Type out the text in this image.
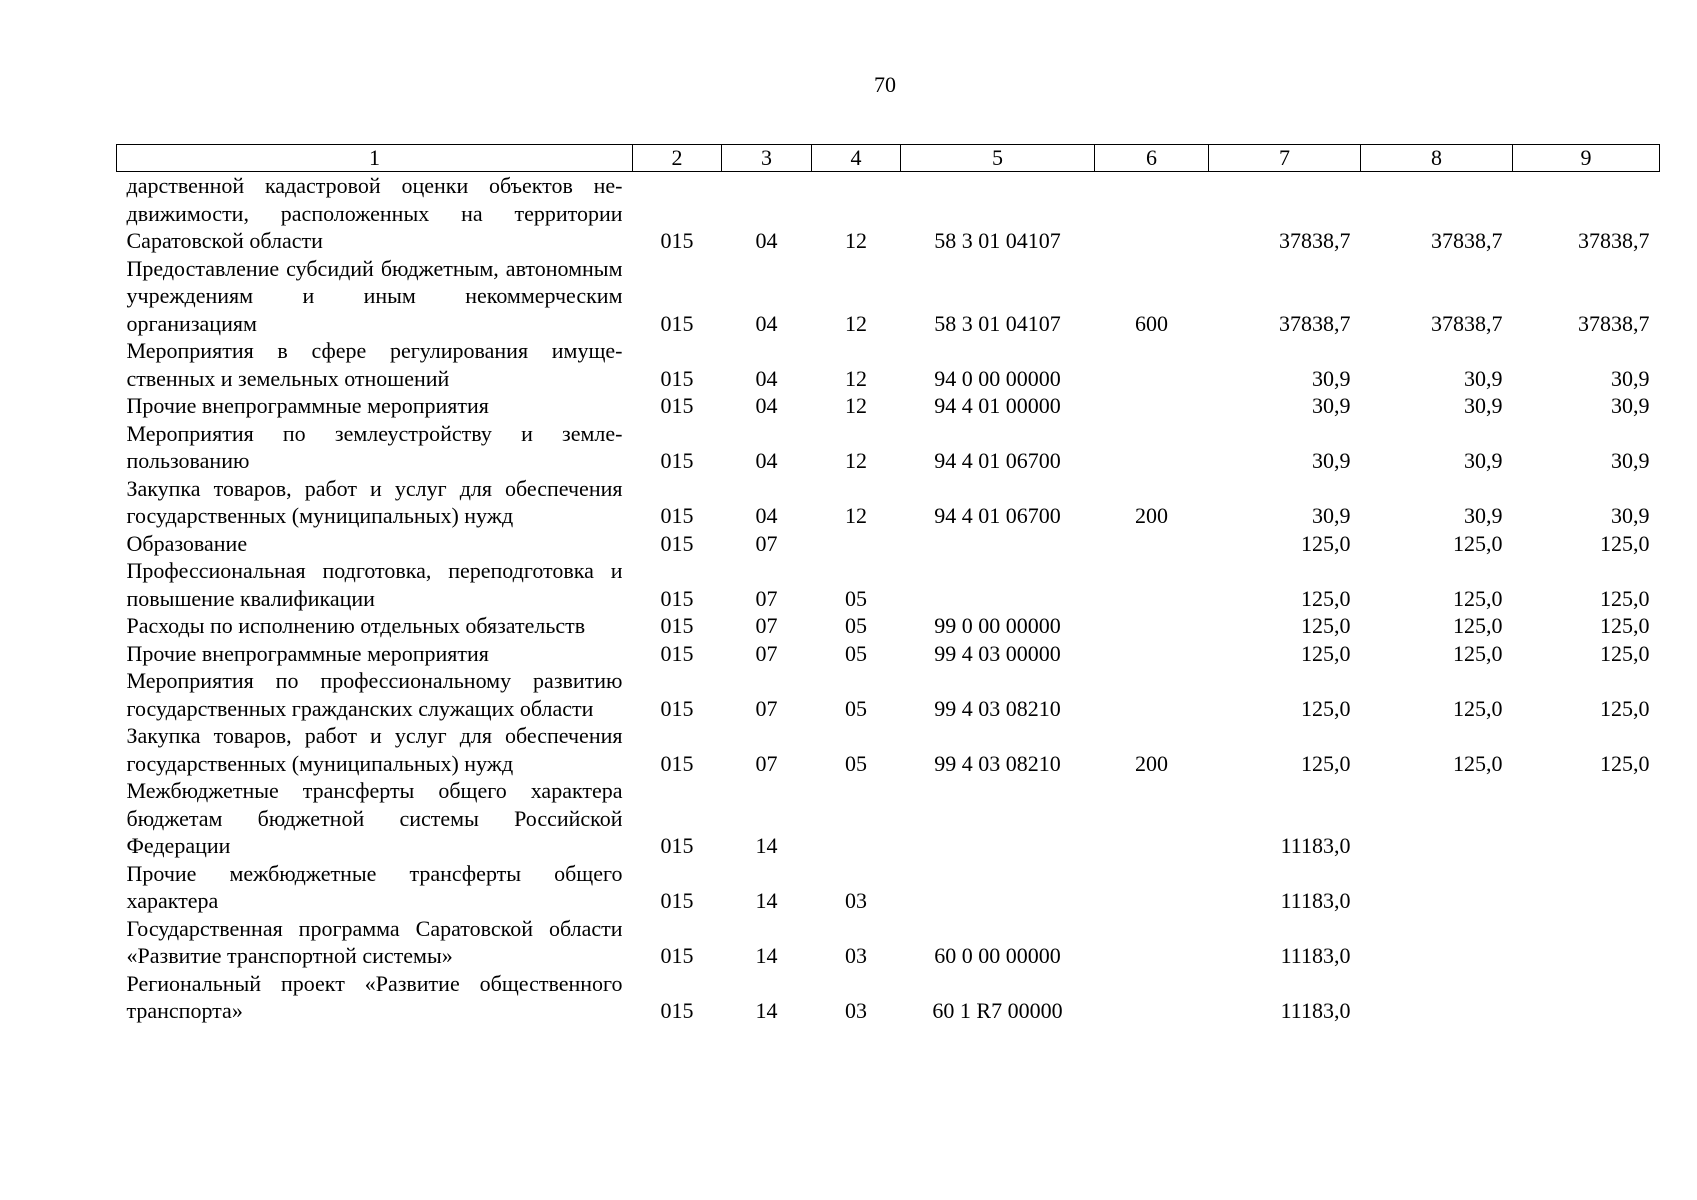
70
1	2	3	4	5	6	7	8	9
дарственной кадастровой оценки объектов недвижимости, расположенных на территории Саратовской области	015	04	12	58 3 01 04107		37838,7	37838,7	37838,7
Предоставление субсидий бюджетным, автономным учреждениям и иным некоммерческим организациям	015	04	12	58 3 01 04107	600	37838,7	37838,7	37838,7
Мероприятия в сфере регулирования имущественных и земельных отношений	015	04	12	94 0 00 00000		30,9	30,9	30,9
Прочие внепрограммные мероприятия	015	04	12	94 4 01 00000		30,9	30,9	30,9
Мероприятия по землеустройству и землепользованию	015	04	12	94 4 01 06700		30,9	30,9	30,9
Закупка товаров, работ и услуг для обеспечения государственных (муниципальных) нужд	015	04	12	94 4 01 06700	200	30,9	30,9	30,9
Образование	015	07				125,0	125,0	125,0
Профессиональная подготовка, переподготовка и повышение квалификации	015	07	05			125,0	125,0	125,0
Расходы по исполнению отдельных обязательств	015	07	05	99 0 00 00000		125,0	125,0	125,0
Прочие внепрограммные мероприятия	015	07	05	99 4 03 00000		125,0	125,0	125,0
Мероприятия по профессиональному развитию государственных гражданских служащих области	015	07	05	99 4 03 08210		125,0	125,0	125,0
Закупка товаров, работ и услуг для обеспечения государственных (муниципальных) нужд	015	07	05	99 4 03 08210	200	125,0	125,0	125,0
Межбюджетные трансферты общего характера бюджетам бюджетной системы Российской Федерации	015	14				11183,0		
Прочие межбюджетные трансферты общего характера	015	14	03			11183,0		
Государственная программа Саратовской области «Развитие транспортной системы»	015	14	03	60 0 00 00000		11183,0		
Региональный проект «Развитие общественного транспорта»	015	14	03	60 1 R7 00000		11183,0		
